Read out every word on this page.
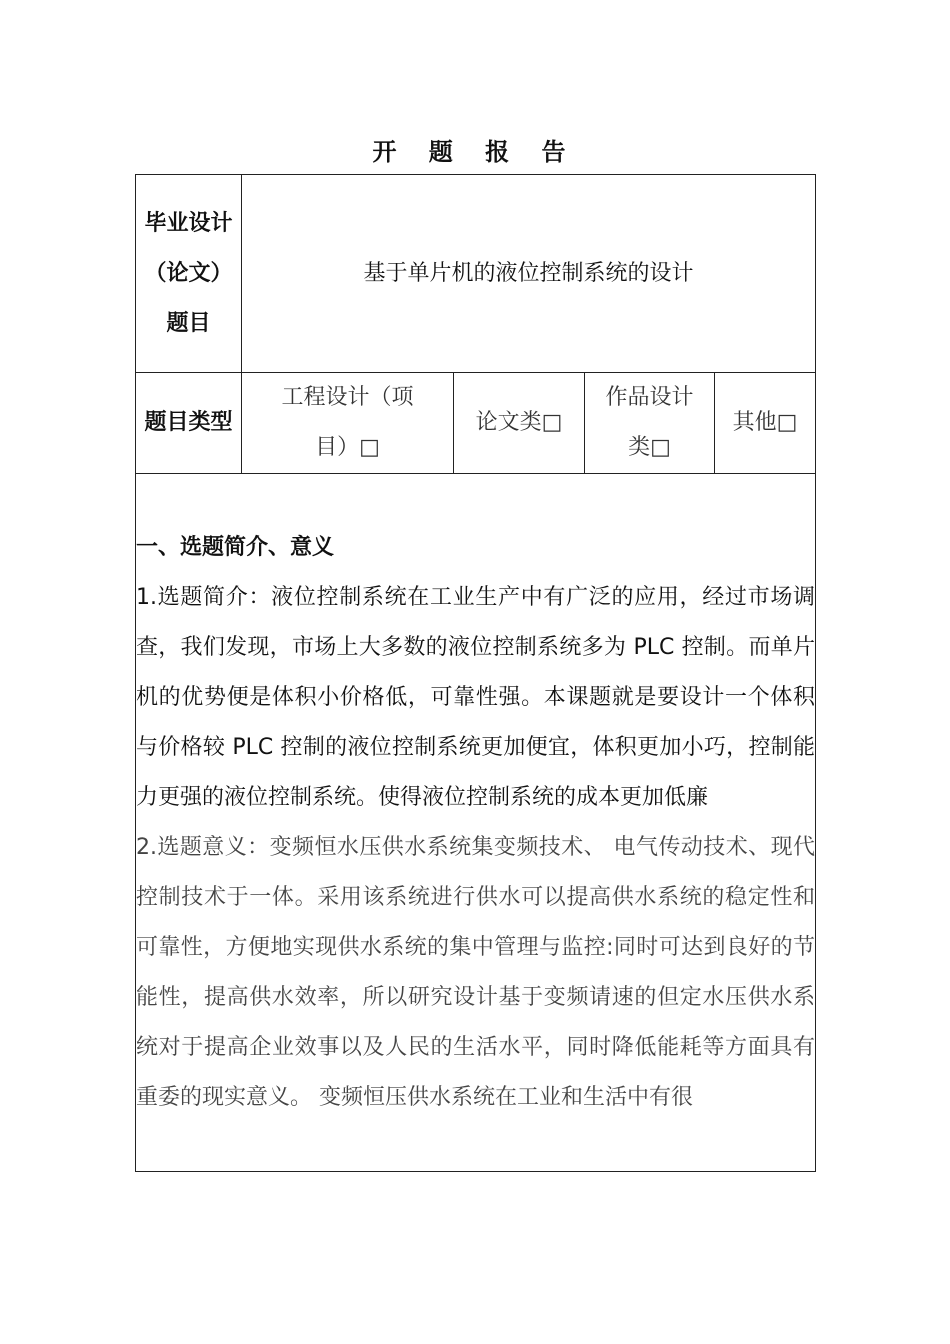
开 题 报 告
毕业设计（论文）题目	基于单片机的液位控制系统的设计			
题目类型	工程设计（项目）□	论文类□	作品设计类□	其他□

一、选题简介、意义
1.选题简介：液位控制系统在工业生产中有广泛的应用，经过市场调查，我们发现，市场上大多数的液位控制系统多为 PLC 控制。而单片机的优势便是体积小价格低，可靠性强。本课题就是要设计一个体积与价格较 PLC 控制的液位控制系统更加便宜，体积更加小巧，控制能力更强的液位控制系统。使得液位控制系统的成本更加低廉
2.选题意义：变频恒水压供水系统集变频技术、 电气传动技术、现代控制技术于一体。采用该系统进行供水可以提高供水系统的稳定性和可靠性，方便地实现供水系统的集中管理与监控:同时可达到良好的节能性，提高供水效率，所以研究设计基于变频请速的但定水压供水系统对于提高企业效事以及人民的生活水平，同时降低能耗等方面具有重委的现实意义。 变频恒压供水系统在工业和生活中有很				
